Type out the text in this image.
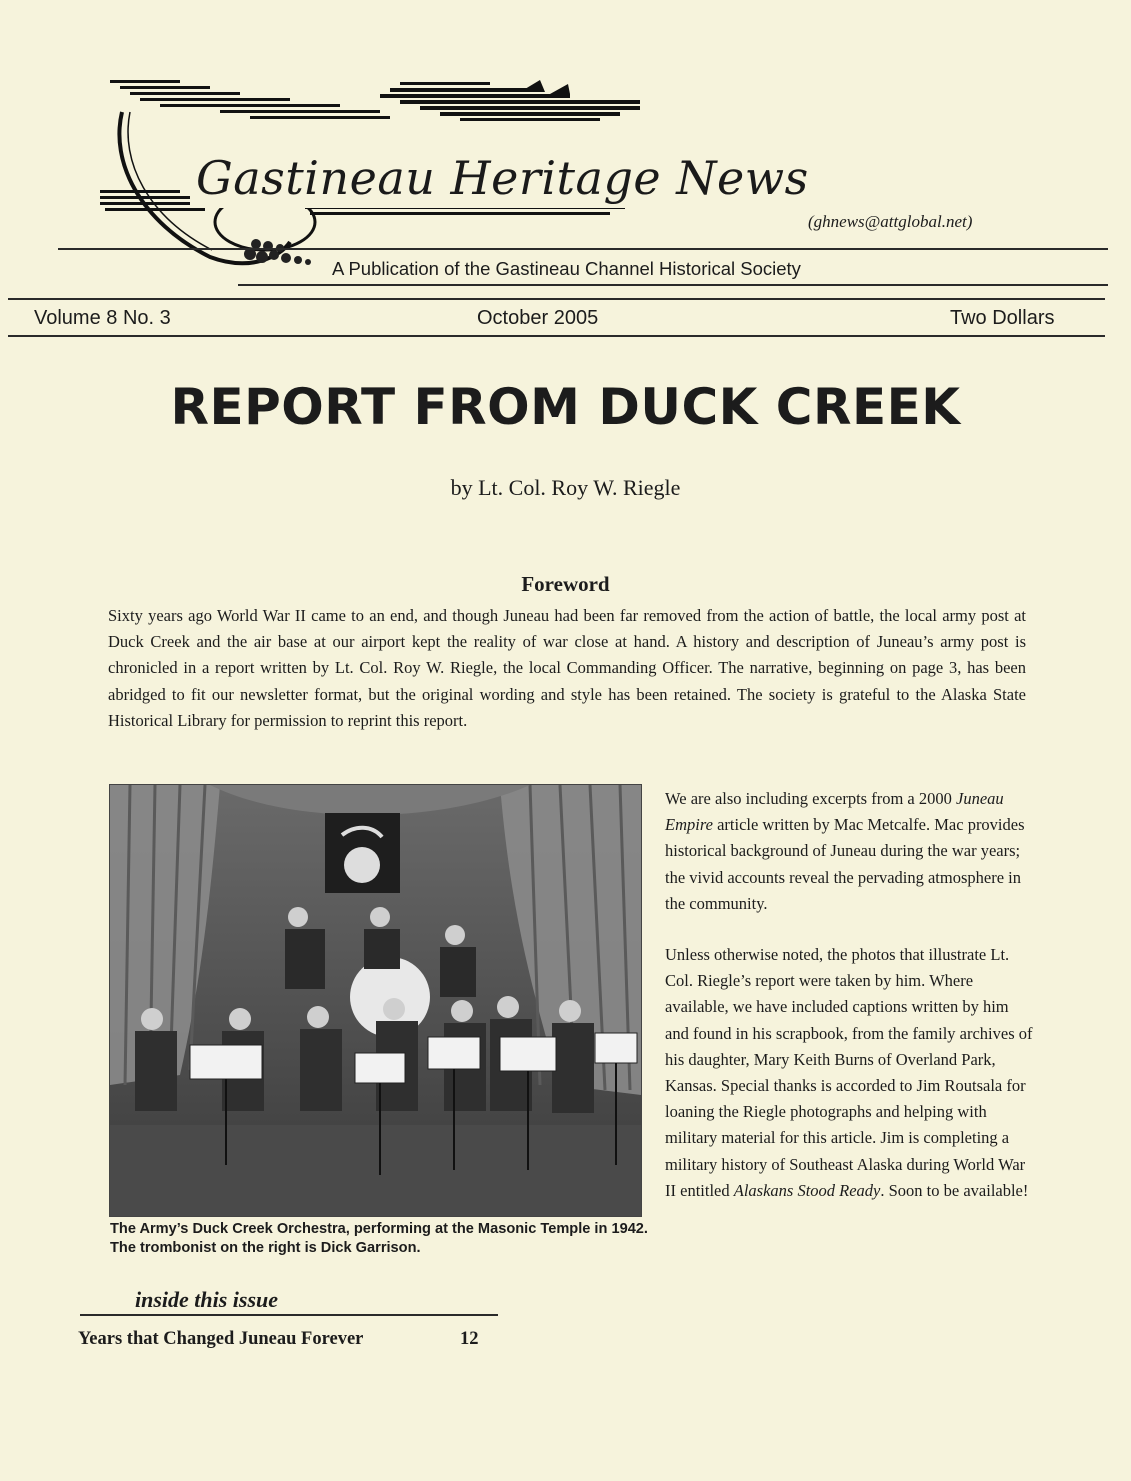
Gastineau Heritage News
(ghnews@attglobal.net)
A Publication of the Gastineau Channel Historical Society
Volume 8 No. 3	October 2005	Two Dollars
REPORT FROM DUCK CREEK
by Lt. Col. Roy W. Riegle
Foreword

Sixty years ago World War II came to an end, and though Juneau had been far removed from the action of battle, the local army post at Duck Creek and the air base at our airport kept the reality of war close at hand. A history and description of Juneau’s army post is chronicled in a report written by Lt. Col. Roy W. Riegle, the local Commanding Officer. The narrative, beginning on page 3, has been abridged to fit our newsletter format, but the original wording and style has been retained. The society is grateful to the Alaska State Historical Library for permission to reprint this report.

The Army’s Duck Creek Orchestra, performing at the Masonic Temple in 1942. The trombonist on the right is Dick Garrison.

We are also including excerpts from a 2000 Juneau Empire article written by Mac Metcalfe. Mac provides historical background of Juneau during the war years; the vivid accounts reveal the pervading atmosphere in the community.

Unless otherwise noted, the photos that illustrate Lt. Col. Riegle’s report were taken by him. Where available, we have included captions written by him and found in his scrapbook, from the family archives of his daughter, Mary Keith Burns of Overland Park, Kansas. Special thanks is accorded to Jim Routsala for loaning the Riegle photographs and helping with military material for this article. Jim is completing a military history of Southeast Alaska during World War II entitled Alaskans Stood Ready. Soon to be available!

inside this issue
Years that Changed Juneau Forever	12
